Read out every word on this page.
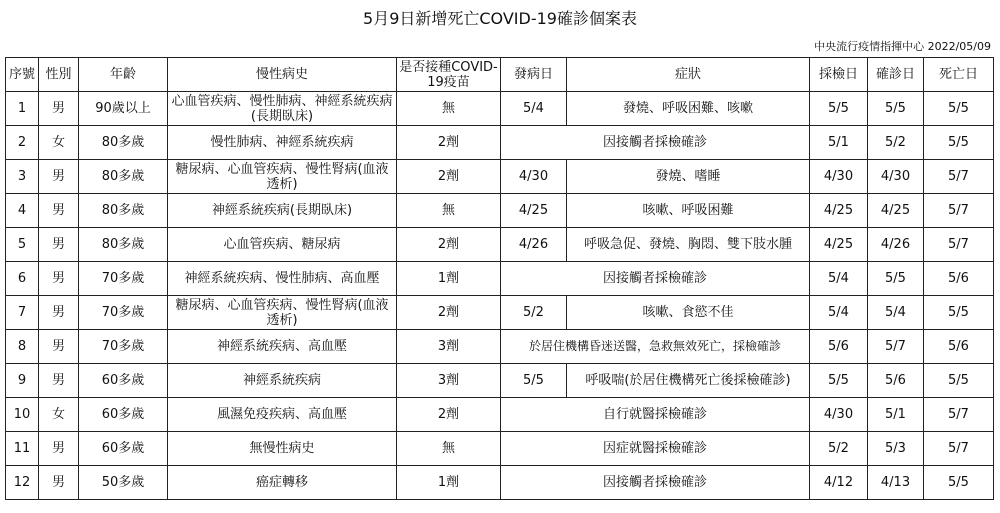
5月9日新增死亡COVID-19確診個案表
中央流行疫情指揮中心 2022/05/09
序號	性別	年齡	慢性病史	是否接種COVID-19疫苗	發病日	症狀	採檢日	確診日	死亡日
1	男	90歲以上	心血管疾病、慢性肺病、神經系統疾病(長期臥床)	無	5/4	發燒、呼吸困難、咳嗽	5/5	5/5	5/5
2	女	80多歲	慢性肺病、神經系統疾病	2劑	因接觸者採檢確診		5/1	5/2	5/5
3	男	80多歲	糖尿病、心血管疾病、慢性腎病(血液透析)	2劑	4/30	發燒、嗜睡	4/30	4/30	5/7
4	男	80多歲	神經系統疾病(長期臥床)	無	4/25	咳嗽、呼吸困難	4/25	4/25	5/7
5	男	80多歲	心血管疾病、糖尿病	2劑	4/26	呼吸急促、發燒、胸悶、雙下肢水腫	4/25	4/26	5/7
6	男	70多歲	神經系統疾病、慢性肺病、高血壓	1劑	因接觸者採檢確診		5/4	5/5	5/6
7	男	70多歲	糖尿病、心血管疾病、慢性腎病(血液透析)	2劑	5/2	咳嗽、食慾不佳	5/4	5/4	5/5
8	男	70多歲	神經系統疾病、高血壓	3劑	於居住機構昏迷送醫，急救無效死亡，採檢確診		5/6	5/7	5/6
9	男	60多歲	神經系統疾病	3劑	5/5	呼吸喘(於居住機構死亡後採檢確診)	5/5	5/6	5/5
10	女	60多歲	風濕免疫疾病、高血壓	2劑	自行就醫採檢確診		4/30	5/1	5/7
11	男	60多歲	無慢性病史	無	因症就醫採檢確診		5/2	5/3	5/7
12	男	50多歲	癌症轉移	1劑	因接觸者採檢確診		4/12	4/13	5/5
